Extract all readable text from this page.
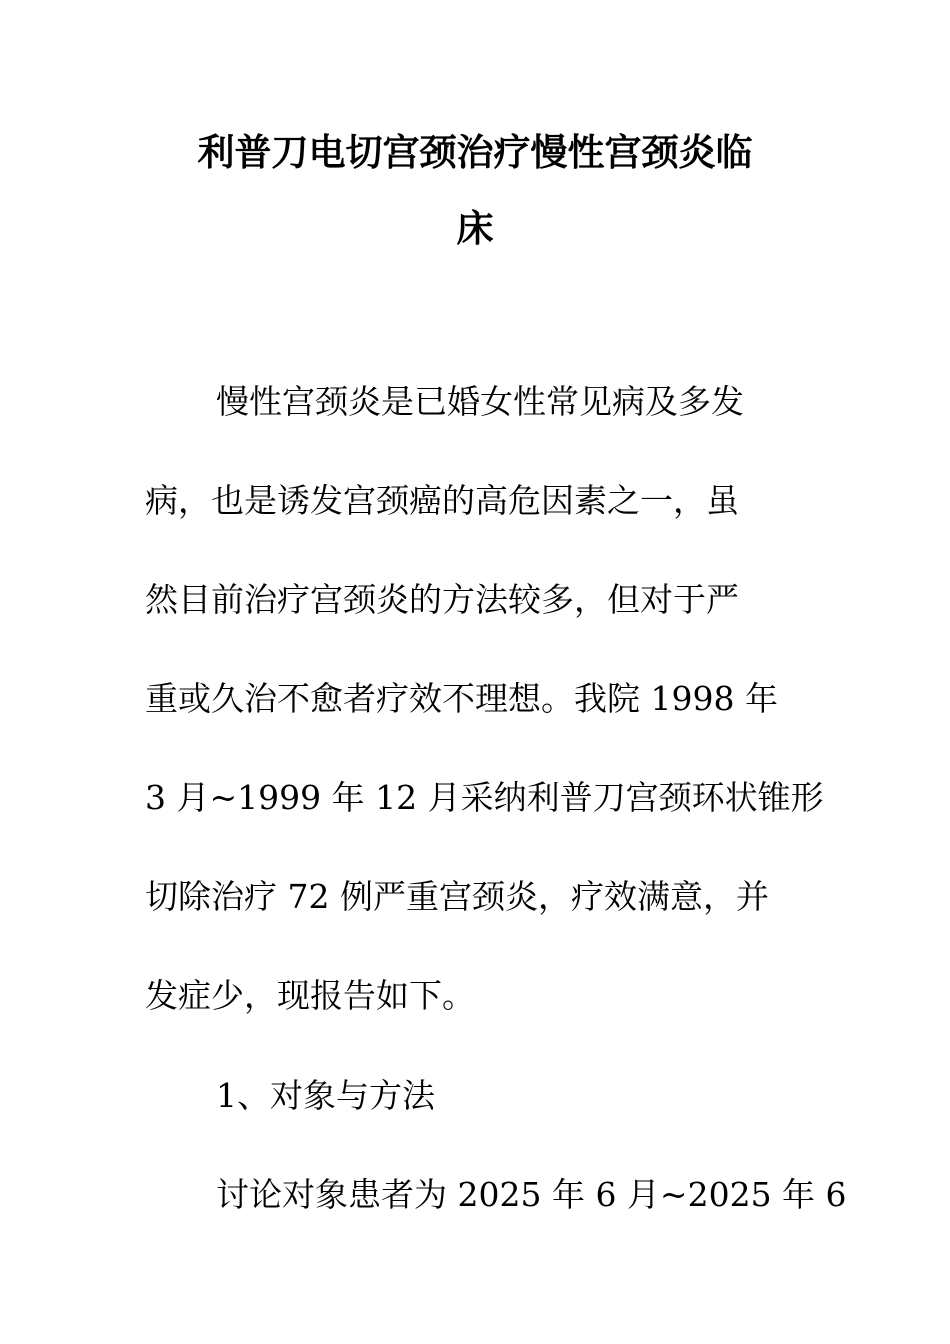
利普刀电切宫颈治疗慢性宫颈炎临
床
慢性宫颈炎是已婚女性常见病及多发
病，也是诱发宫颈癌的高危因素之一，虽
然目前治疗宫颈炎的方法较多，但对于严
重或久治不愈者疗效不理想。我院 1998 年
3 月~1999 年 12 月采纳利普刀宫颈环状锥形
切除治疗 72 例严重宫颈炎，疗效满意，并
发症少，现报告如下。
1、对象与方法
讨论对象患者为 2025 年 6 月~2025 年 6
